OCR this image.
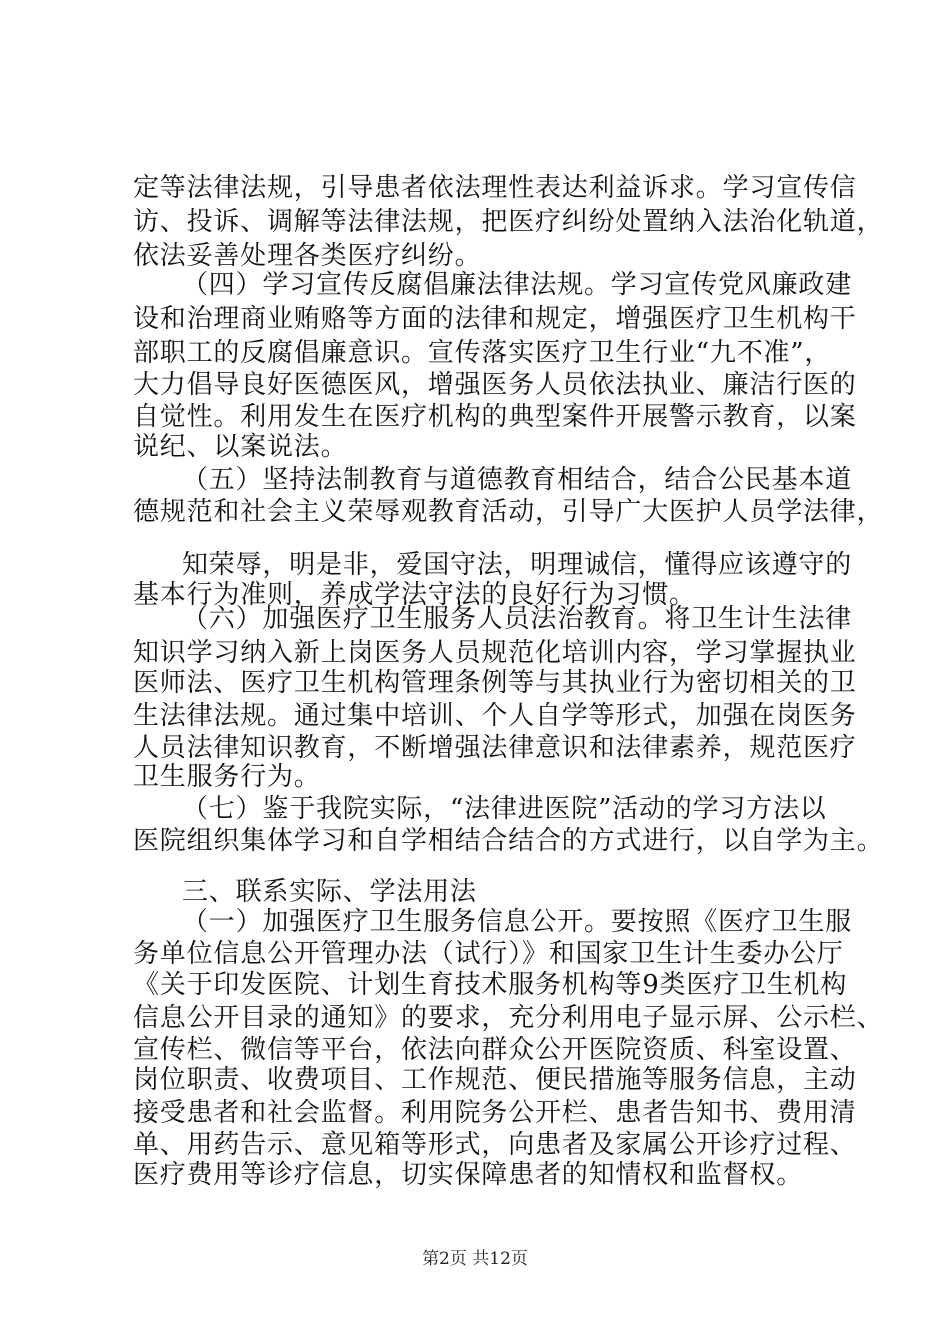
定等法律法规，引导患者依法理性表达利益诉求。学习宣传信
访、投诉、调解等法律法规，把医疗纠纷处置纳入法治化轨道，
依法妥善处理各类医疗纠纷。
（四）学习宣传反腐倡廉法律法规。学习宣传党风廉政建
设和治理商业贿赂等方面的法律和规定，增强医疗卫生机构干
部职工的反腐倡廉意识。宣传落实医疗卫生行业“九不准”，
大力倡导良好医德医风，增强医务人员依法执业、廉洁行医的
自觉性。利用发生在医疗机构的典型案件开展警示教育，以案
说纪、以案说法。
（五）坚持法制教育与道德教育相结合，结合公民基本道
德规范和社会主义荣辱观教育活动，引导广大医护人员学法律，
知荣辱，明是非，爱国守法，明理诚信，懂得应该遵守的
基本行为准则，养成学法守法的良好行为习惯。
（六）加强医疗卫生服务人员法治教育。将卫生计生法律
知识学习纳入新上岗医务人员规范化培训内容，学习掌握执业
医师法、医疗卫生机构管理条例等与其执业行为密切相关的卫
生法律法规。通过集中培训、个人自学等形式，加强在岗医务
人员法律知识教育，不断增强法律意识和法律素养，规范医疗
卫生服务行为。
（七）鉴于我院实际，“法律进医院”活动的学习方法以
医院组织集体学习和自学相结合结合的方式进行，以自学为主。
三、联系实际、学法用法
（一）加强医疗卫生服务信息公开。要按照《医疗卫生服
务单位信息公开管理办法（试行）》和国家卫生计生委办公厅
《关于印发医院、计划生育技术服务机构等9类医疗卫生机构
信息公开目录的通知》的要求，充分利用电子显示屏、公示栏、
宣传栏、微信等平台，依法向群众公开医院资质、科室设置、
岗位职责、收费项目、工作规范、便民措施等服务信息，主动
接受患者和社会监督。利用院务公开栏、患者告知书、费用清
单、用药告示、意见箱等形式，向患者及家属公开诊疗过程、
医疗费用等诊疗信息，切实保障患者的知情权和监督权。
第2页 共12页
